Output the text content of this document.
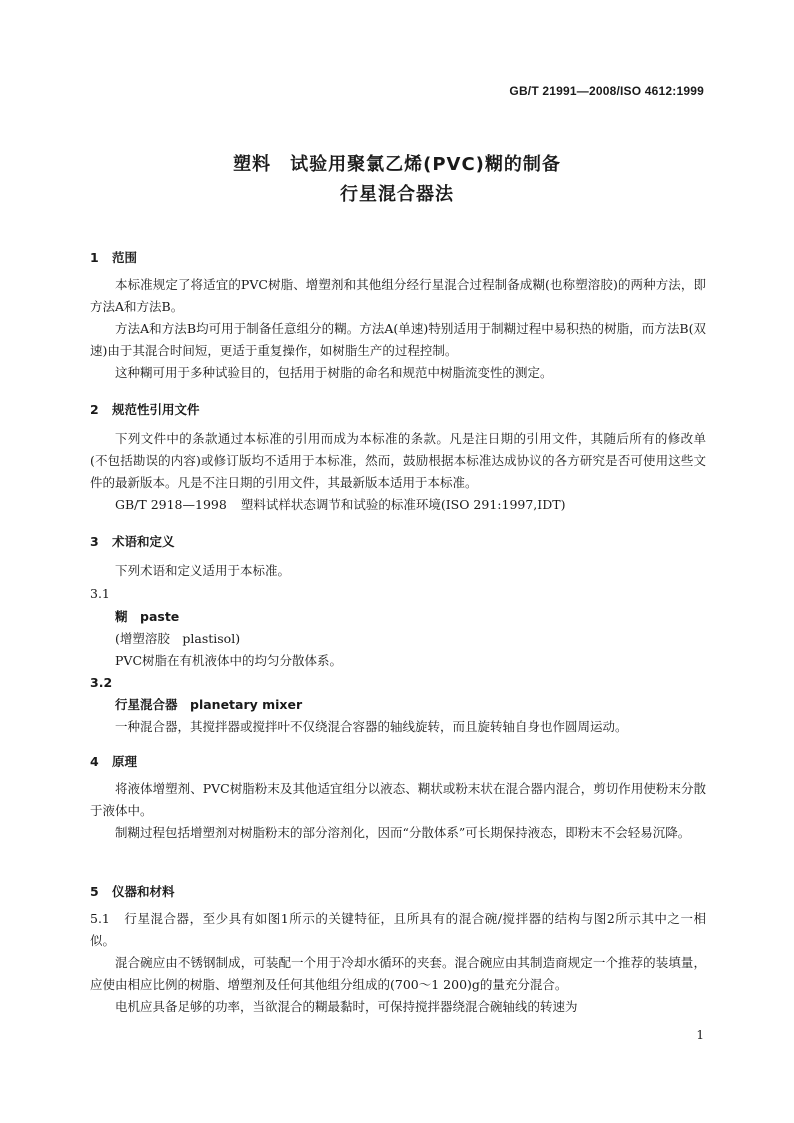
GB/T 21991—2008/ISO 4612:1999
塑料　试验用聚氯乙烯(PVC)糊的制备
行星混合器法
1 范围

本标准规定了将适宜的PVC树脂、增塑剂和其他组分经行星混合过程制备成糊(也称塑溶胶)的两种方法，即方法A和方法B。

方法A和方法B均可用于制备任意组分的糊。方法A(单速)特别适用于制糊过程中易积热的树脂，而方法B(双速)由于其混合时间短，更适于重复操作，如树脂生产的过程控制。

这种糊可用于多种试验目的，包括用于树脂的命名和规范中树脂流变性的测定。

2 规范性引用文件

下列文件中的条款通过本标准的引用而成为本标准的条款。凡是注日期的引用文件，其随后所有的修改单(不包括勘误的内容)或修订版均不适用于本标准，然而，鼓励根据本标准达成协议的各方研究是否可使用这些文件的最新版本。凡是不注日期的引用文件，其最新版本适用于本标准。

GB/T 2918—1998 塑料试样状态调节和试验的标准环境(ISO 291:1997,IDT)
3 术语和定义
下列术语和定义适用于本标准。
3.1
糊　paste
(增塑溶胶　plastisol)
PVC树脂在有机液体中的均匀分散体系。
3.2
行星混合器　planetary mixer
一种混合器，其搅拌器或搅拌叶不仅绕混合容器的轴线旋转，而且旋转轴自身也作圆周运动。
4 原理

将液体增塑剂、PVC树脂粉末及其他适宜组分以液态、糊状或粉末状在混合器内混合，剪切作用使粉末分散于液体中。

制糊过程包括增塑剂对树脂粉末的部分溶剂化，因而“分散体系”可长期保持液态，即粉末不会轻易沉降。

5 仪器和材料
5.1 行星混合器，至少具有如图1所示的关键特征，且所具有的混合碗/搅拌器的结构与图2所示其中之一相似。

混合碗应由不锈钢制成，可装配一个用于冷却水循环的夹套。混合碗应由其制造商规定一个推荐的装填量，应使由相应比例的树脂、增塑剂及任何其他组分组成的(700～1 200)g的量充分混合。

电机应具备足够的功率，当欲混合的糊最黏时，可保持搅拌器绕混合碗轴线的转速为

1
